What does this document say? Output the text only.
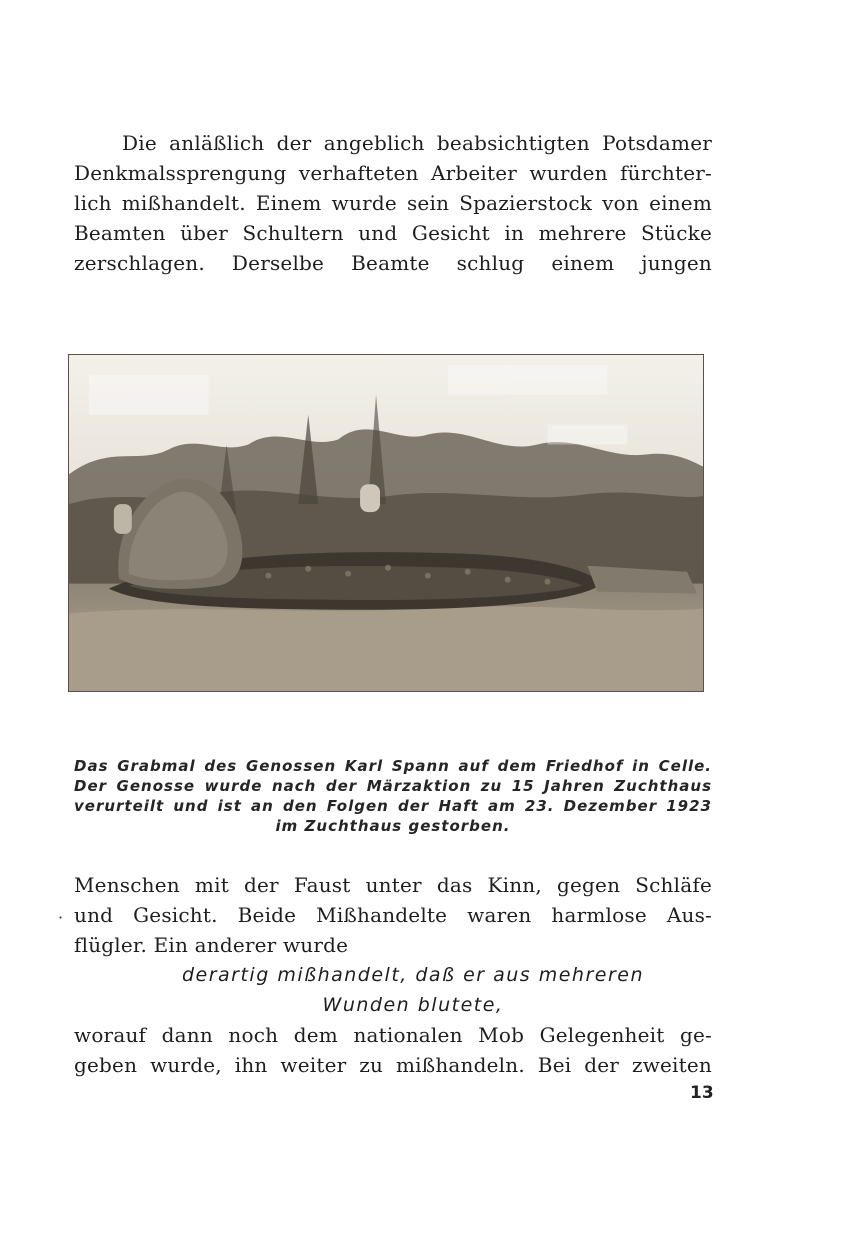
Die anläßlich der angeblich beabsichtigten Potsdamer
Denkmalssprengung verhafteten Arbeiter wurden fürchter-
lich mißhandelt. Einem wurde sein Spazierstock von einem
Beamten über Schultern und Gesicht in mehrere Stücke
zerschlagen. Derselbe Beamte schlug einem jungen
Das Grabmal des Genossen Karl Spann auf dem Friedhof in Celle.
Der Genosse wurde nach der Märzaktion zu 15 Jahren Zuchthaus
verurteilt und ist an den Folgen der Haft am 23. Dezember 1923
im Zuchthaus gestorben.
·
Menschen mit der Faust unter das Kinn, gegen Schläfe
und Gesicht. Beide Mißhandelte waren harmlose Aus-
flügler. Ein anderer wurde
derartig mißhandelt, daß er aus mehreren
Wunden blutete,
worauf dann noch dem nationalen Mob Gelegenheit ge-
geben wurde, ihn weiter zu mißhandeln. Bei der zweiten
13
